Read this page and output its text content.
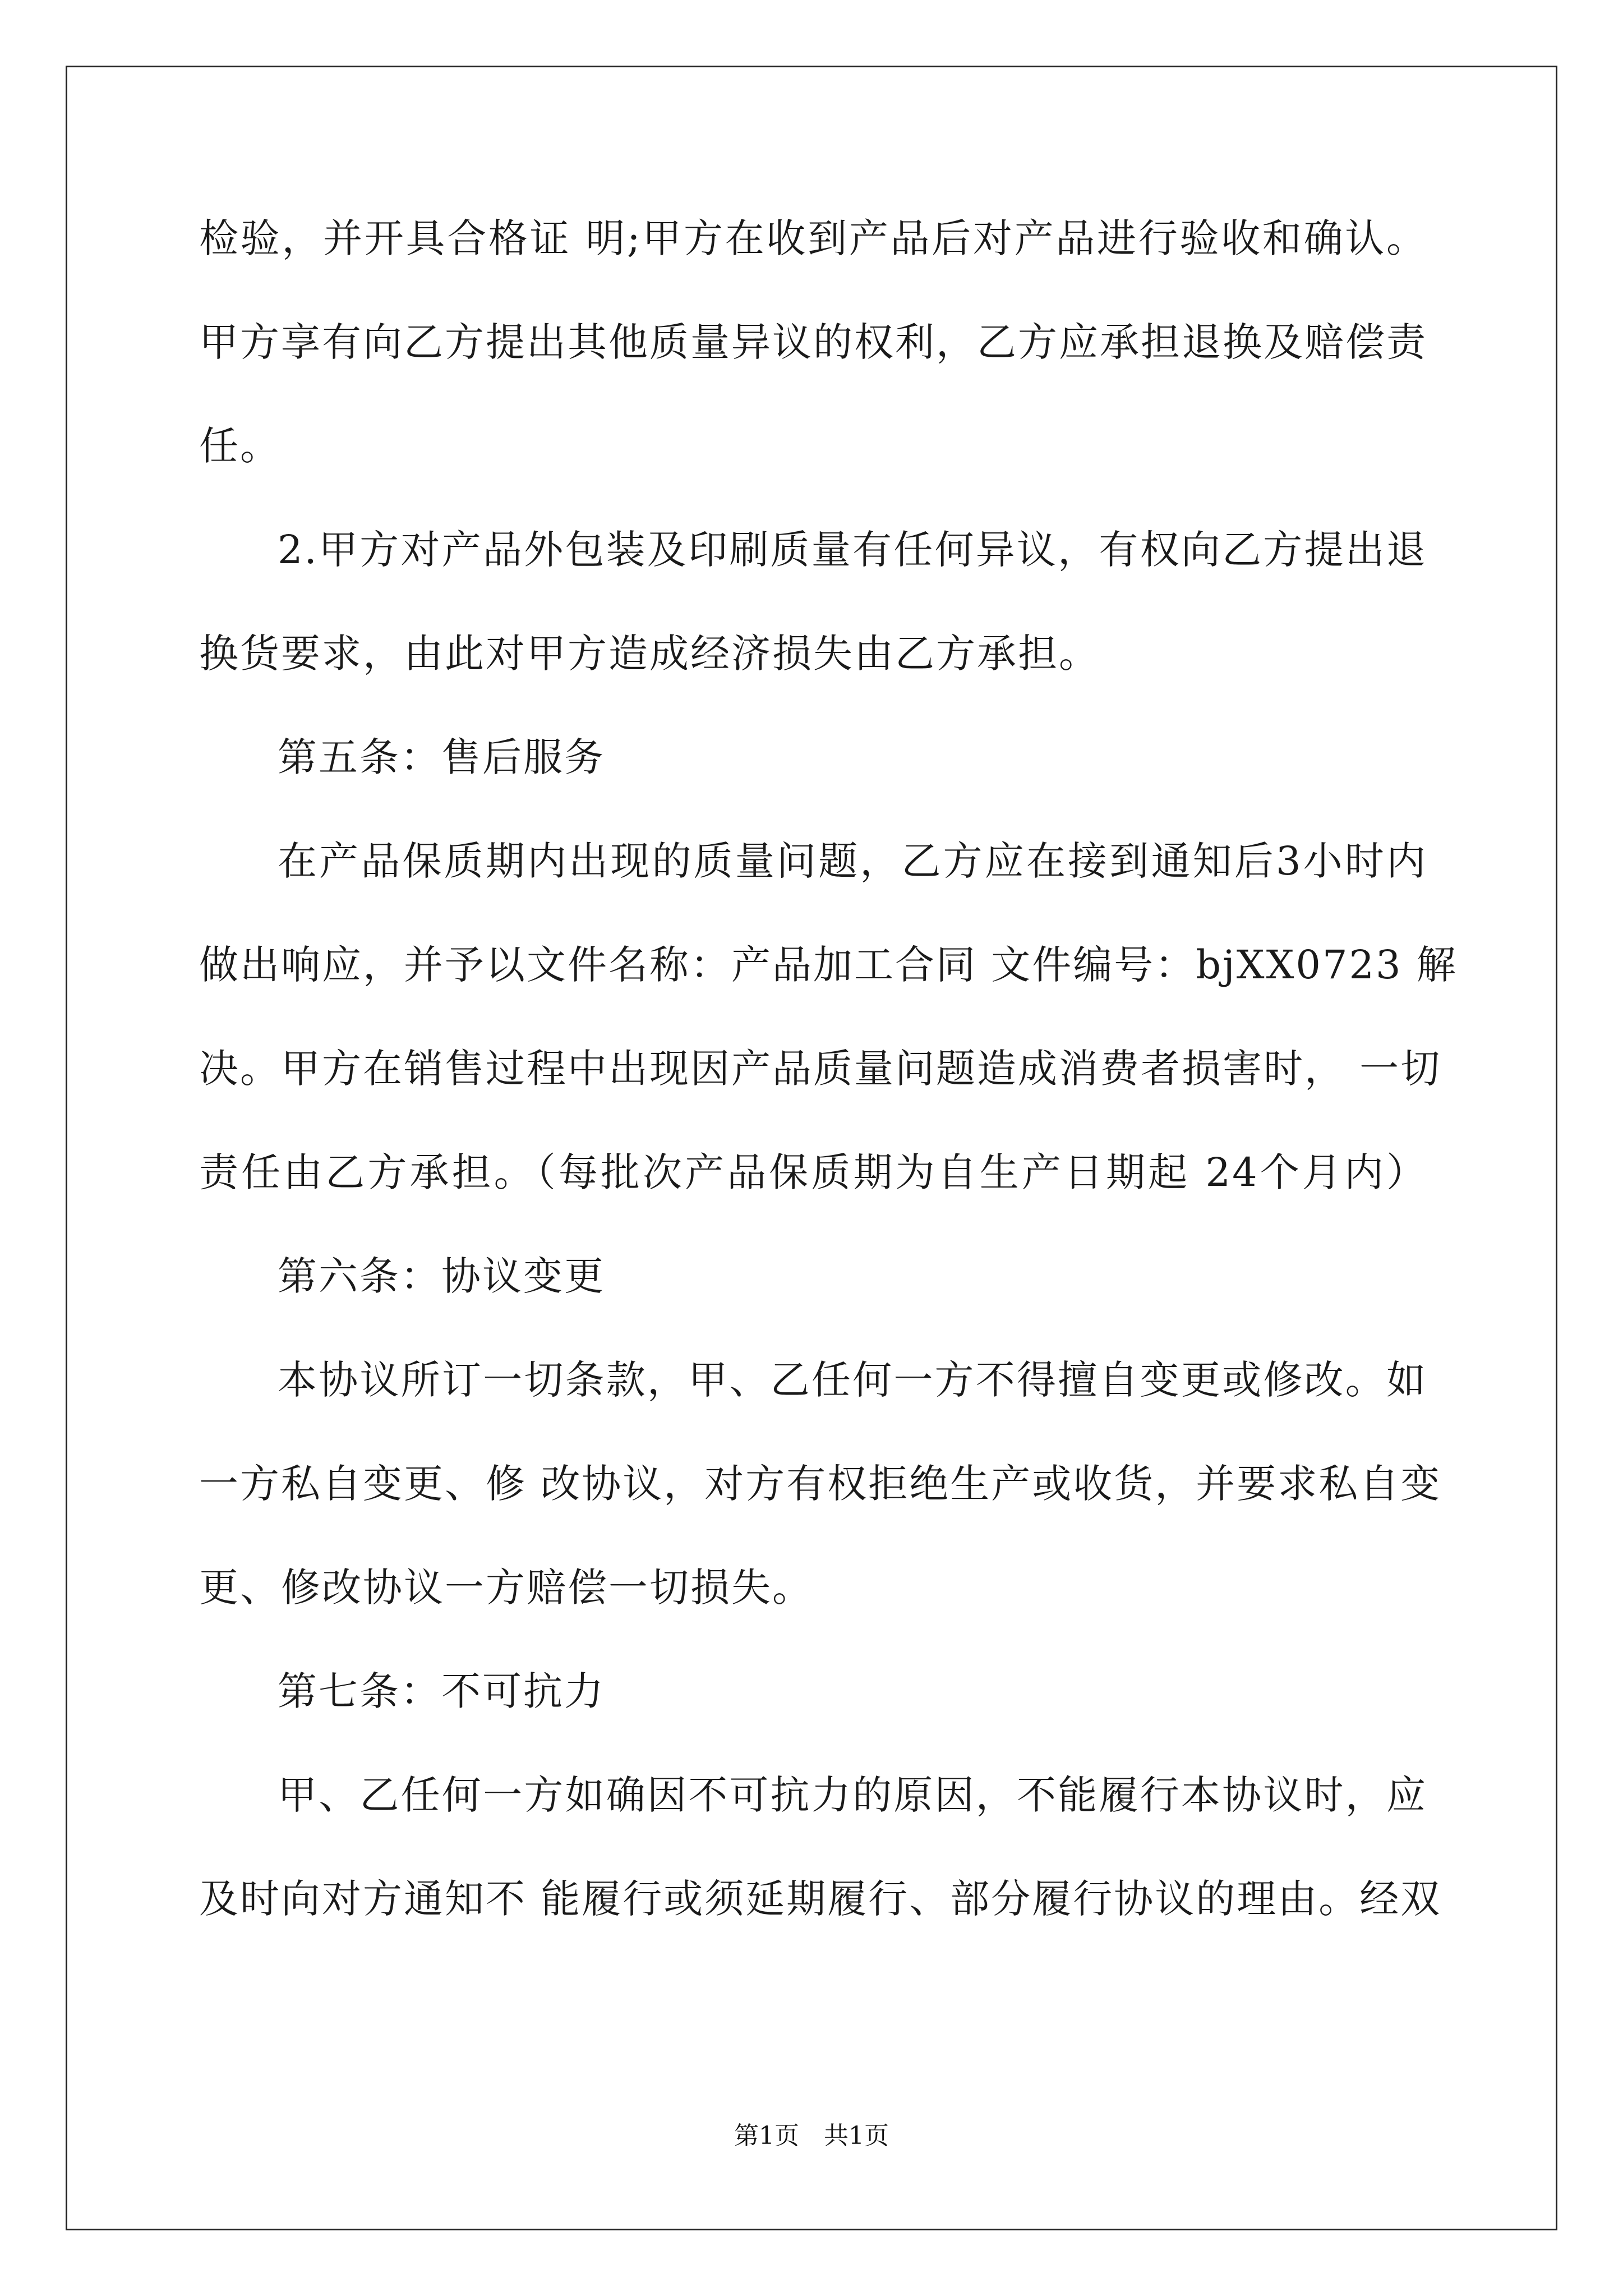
检验，并开具合格证 明;甲方在收到产品后对产品进行验收和确认。
甲方享有向乙方提出其他质量异议的权利，乙方应承担退换及赔偿责
任。
2.甲方对产品外包装及印刷质量有任何异议，有权向乙方提出退
换货要求，由此对甲方造成经济损失由乙方承担。
第五条：售后服务
在产品保质期内出现的质量问题，乙方应在接到通知后3小时内
做出响应，并予以文件名称：产品加工合同 文件编号：bjXX0723 解
决。甲方在销售过程中出现因产品质量问题造成消费者损害时， 一切
责任由乙方承担。（每批次产品保质期为自生产日期起 24个月内）
第六条：协议变更
本协议所订一切条款，甲、乙任何一方不得擅自变更或修改。如
一方私自变更、修 改协议，对方有权拒绝生产或收货，并要求私自变
更、修改协议一方赔偿一切损失。
第七条：不可抗力
甲、乙任何一方如确因不可抗力的原因，不能履行本协议时，应
及时向对方通知不 能履行或须延期履行、部分履行协议的理由。经双
第1页　共1页
